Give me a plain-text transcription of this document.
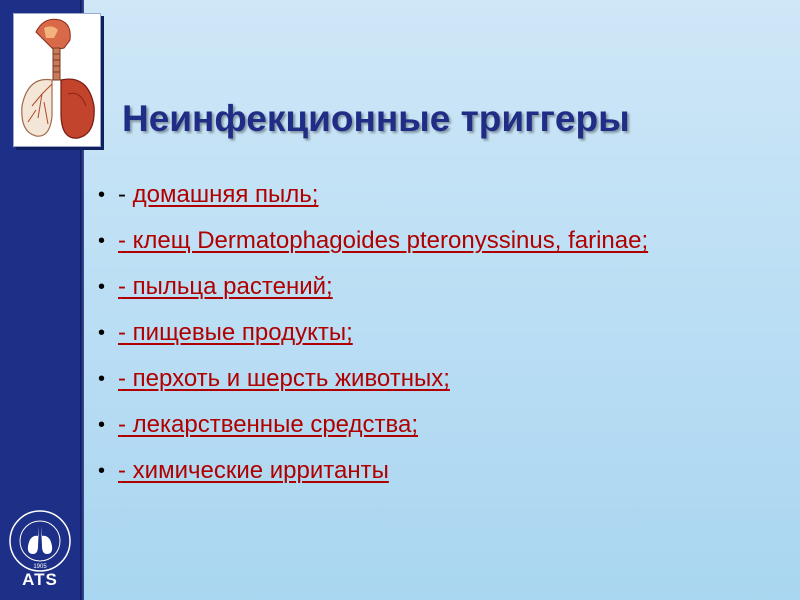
Неинфекционные триггеры
• - домашняя пыль;
• - клещ Dermatophagoides pteronyssinus, farinae;
• - пыльца растений;
• - пищевые продукты;
• - перхоть и шерсть животных;
• - лекарственные средства;
• - химические ирританты
1905
ATS
